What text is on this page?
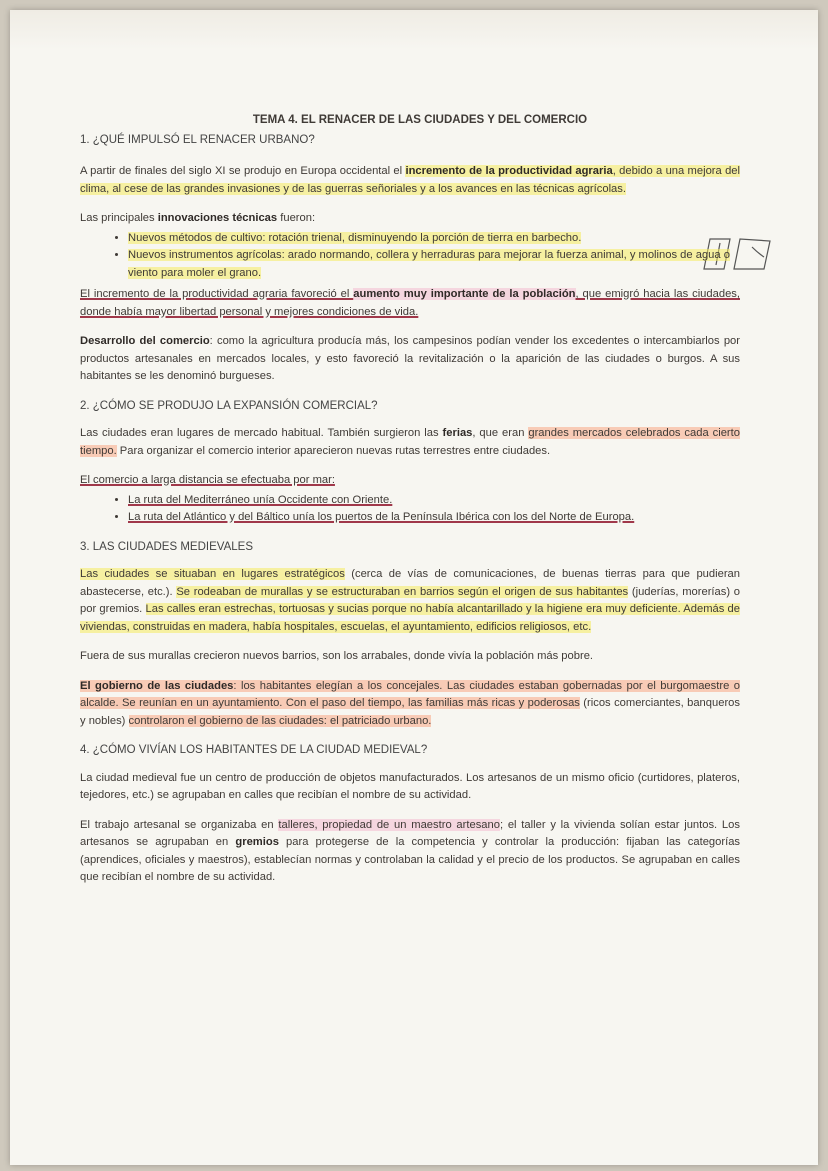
TEMA 4. EL RENACER DE LAS CIUDADES Y DEL COMERCIO
1. ¿QUÉ IMPULSÓ EL RENACER URBANO?

A partir de finales del siglo XI se produjo en Europa occidental el incremento de la productividad agraria, debido a una mejora del clima, al cese de las grandes invasiones y de las guerras señoriales y a los avances en las técnicas agrícolas.

Las principales innovaciones técnicas fueron:

• Nuevos métodos de cultivo: rotación trienal, disminuyendo la porción de tierra en barbecho.
• Nuevos instrumentos agrícolas: arado normando, collera y herraduras para mejorar la fuerza animal, y molinos de agua o viento para moler el grano.

El incremento de la productividad agraria favoreció el aumento muy importante de la población, que emigró hacia las ciudades, donde había mayor libertad personal y mejores condiciones de vida.

Desarrollo del comercio: como la agricultura producía más, los campesinos podían vender los excedentes o intercambiarlos por productos artesanales en mercados locales, y esto favoreció la revitalización o la aparición de las ciudades o burgos. A sus habitantes se les denominó burgueses.

2. ¿CÓMO SE PRODUJO LA EXPANSIÓN COMERCIAL?

Las ciudades eran lugares de mercado habitual. También surgieron las ferias, que eran grandes mercados celebrados cada cierto tiempo. Para organizar el comercio interior aparecieron nuevas rutas terrestres entre ciudades.

El comercio a larga distancia se efectuaba por mar:

• La ruta del Mediterráneo unía Occidente con Oriente.
• La ruta del Atlántico y del Báltico unía los puertos de la Península Ibérica con los del Norte de Europa.
3. LAS CIUDADES MEDIEVALES

Las ciudades se situaban en lugares estratégicos (cerca de vías de comunicaciones, de buenas tierras para que pudieran abastecerse, etc.). Se rodeaban de murallas y se estructuraban en barrios según el origen de sus habitantes (juderías, morerías) o por gremios. Las calles eran estrechas, tortuosas y sucias porque no había alcantarillado y la higiene era muy deficiente. Además de viviendas, construidas en madera, había hospitales, escuelas, el ayuntamiento, edificios religiosos, etc.

Fuera de sus murallas crecieron nuevos barrios, son los arrabales, donde vivía la población más pobre.

El gobierno de las ciudades: los habitantes elegían a los concejales. Las ciudades estaban gobernadas por el burgomaestre o alcalde. Se reunían en un ayuntamiento. Con el paso del tiempo, las familias más ricas y poderosas (ricos comerciantes, banqueros y nobles) controlaron el gobierno de las ciudades: el patriciado urbano.

4. ¿CÓMO VIVÍAN LOS HABITANTES DE LA CIUDAD MEDIEVAL?

La ciudad medieval fue un centro de producción de objetos manufacturados. Los artesanos de un mismo oficio (curtidores, plateros, tejedores, etc.) se agrupaban en calles que recibían el nombre de su actividad.

El trabajo artesanal se organizaba en talleres, propiedad de un maestro artesano; el taller y la vivienda solían estar juntos. Los artesanos se agrupaban en gremios para protegerse de la competencia y controlar la producción: fijaban las categorías (aprendices, oficiales y maestros), establecían normas y controlaban la calidad y el precio de los productos. Se agrupaban en calles que recibían el nombre de su actividad.
